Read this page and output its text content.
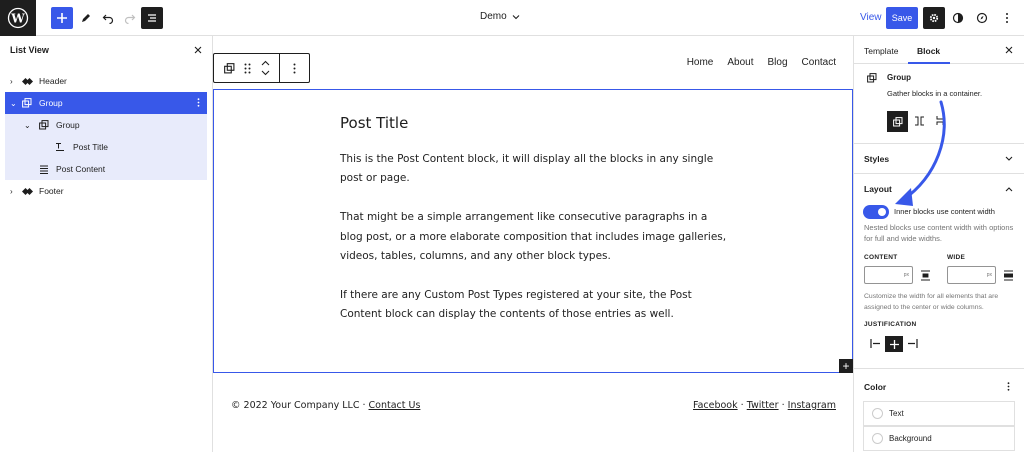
W	Demo	View	Save
List View
›	Header
⌄	Group
⌄	Group
Post Title
Post Content
›	Footer
Home About Blog Contact
Post Title

This is the Post Content block, it will display all the blocks in any single post or page.

That might be a simple arrangement like consecutive paragraphs in a blog post, or a more elaborate composition that includes image galleries, videos, tables, columns, and any other block types.

If there are any Custom Post Types registered at your site, the Post Content block can display the contents of those entries as well.

+
© 2022 Your Company LLC · Contact Us	Facebook · Twitter · Instagram
Template Block
Group
Gather blocks in a container.
Styles
Layout
Inner blocks use content width
Nested blocks use content width with options for full and wide widths.
CONTENT	WIDE
px	px
Customize the width for all elements that are assigned to the center or wide columns.
JUSTIFICATION
Color
Text
Background
